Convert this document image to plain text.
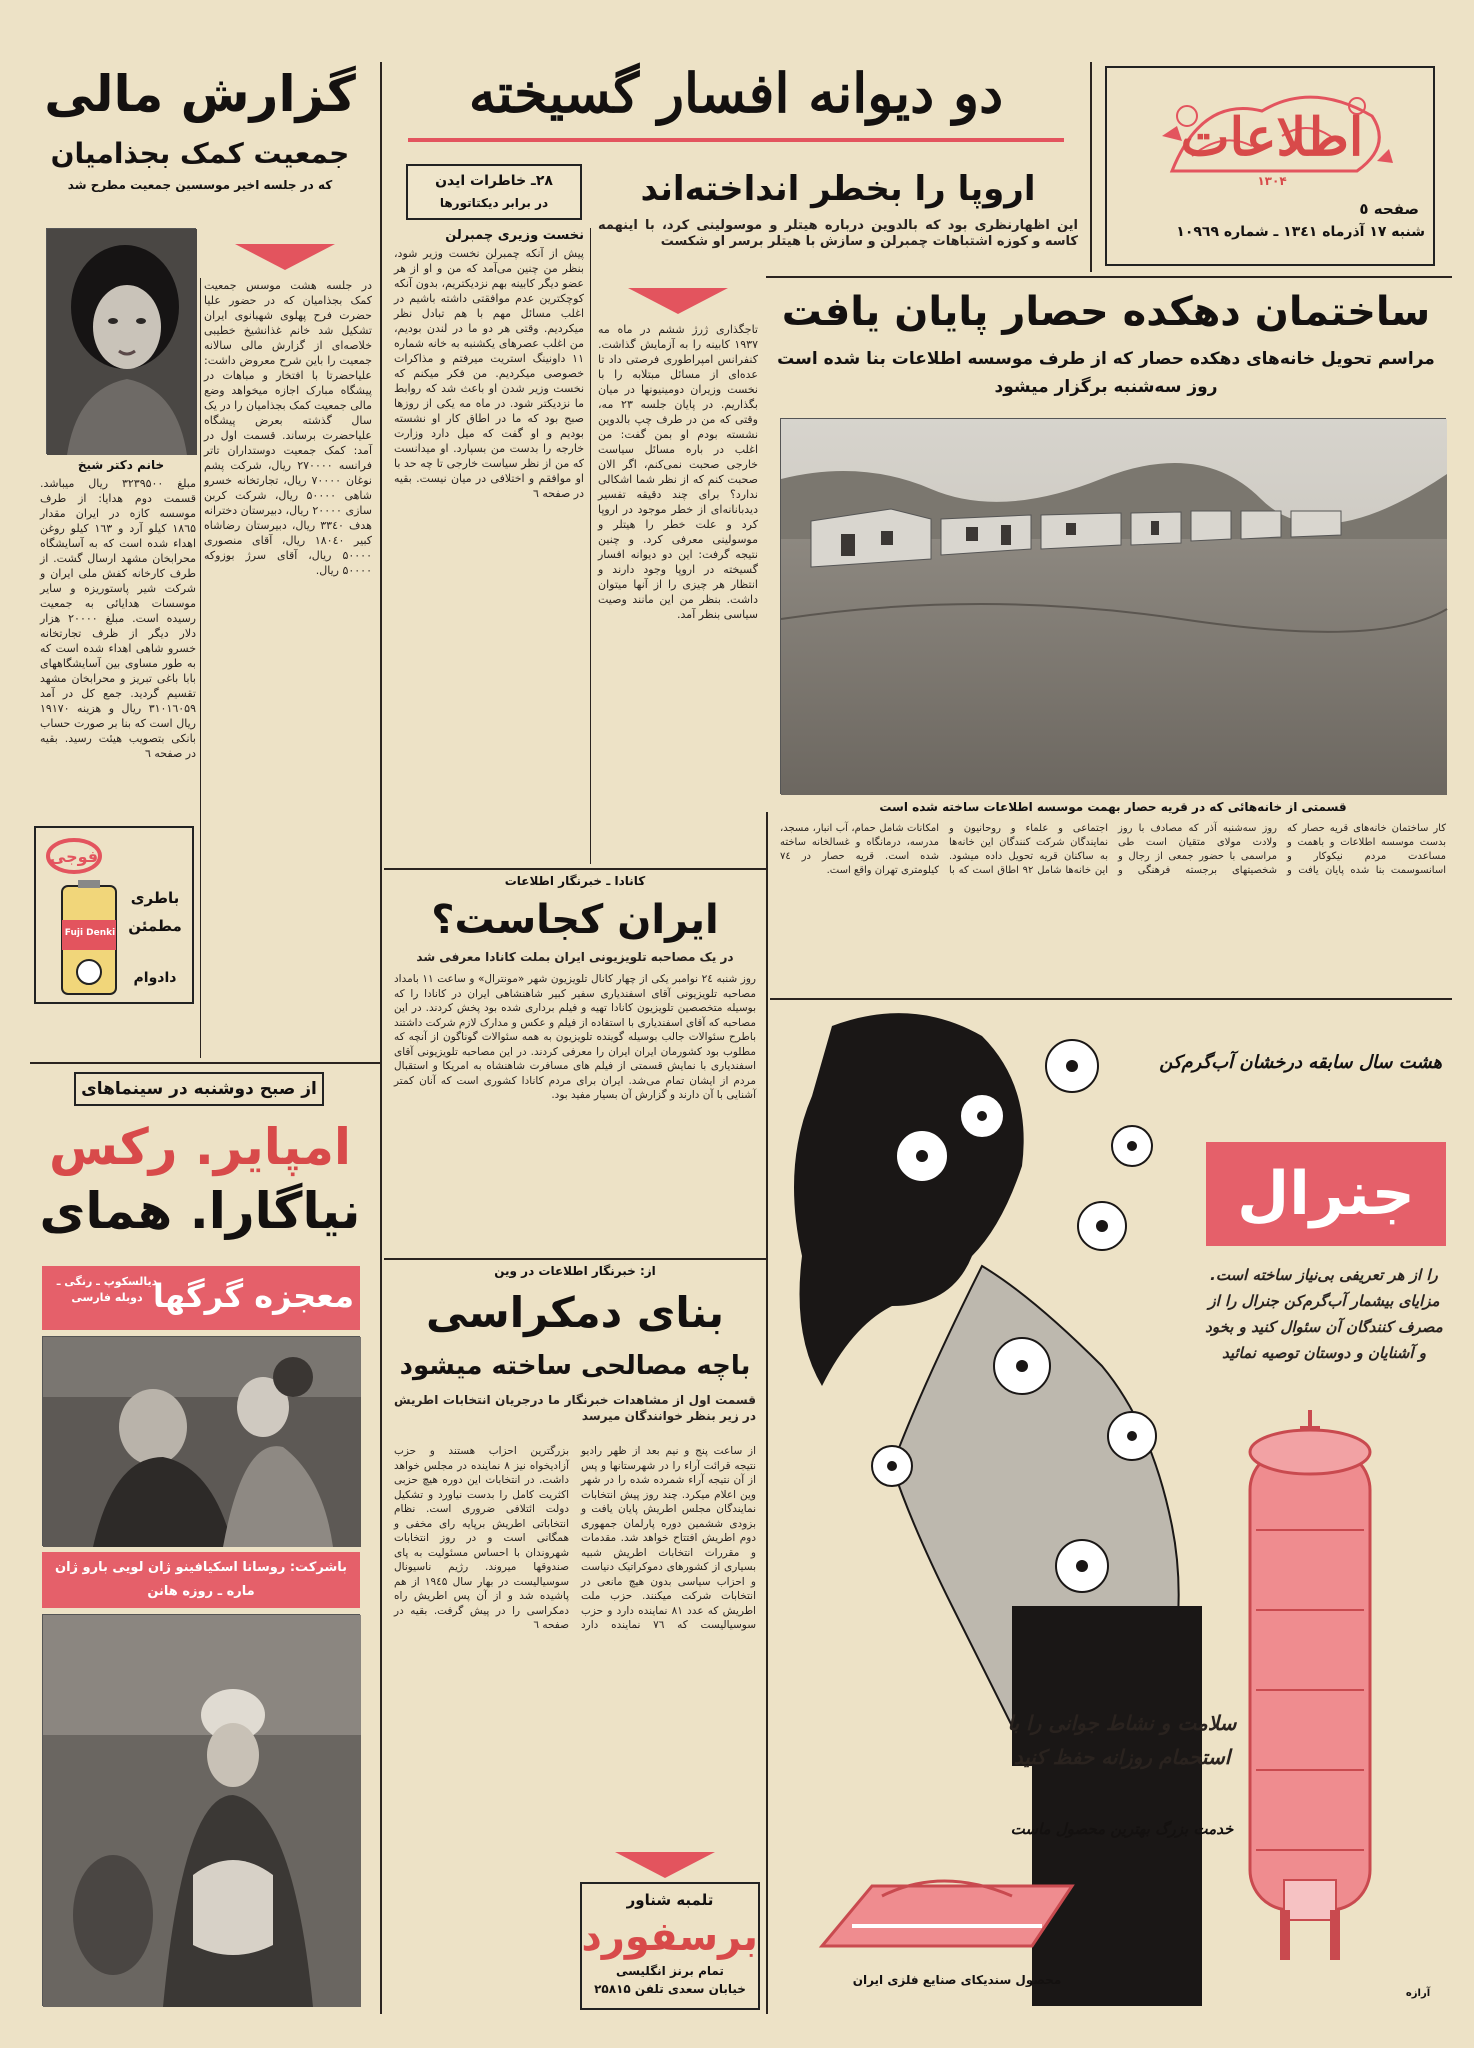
اطلاعات
۱۳۰۴
صفحه ٥
شنبه ۱۷ آذرماه ۱۳٤۱ ـ شماره ۱۰۹٦۹
دو دیوانه افسار گسیخته
۲۸ـ خاطرات ایدن
در برابر دیکتاتورها	اروپا را بخطر انداخته‌اند
این اظهارنظری بود که بالدوین درباره هیتلر و موسولینی کرد، با اینهمه کاسه و کوزه اشتباهات چمبرلن و سازش با هیتلر برسر او شکست
نخست وزیری چمبرلن
پیش از آنکه چمبرلن نخست وزیر شود، بنظر من چنین می‌آمد که من و او از هر عضو دیگر کابینه بهم نزدیکتریم، بدون آنکه کوچکترین عدم موافقتی داشته باشیم در اغلب مسائل مهم با هم تبادل نظر میکردیم. وقتی هر دو ما در لندن بودیم، من اغلب عصرهای یکشنبه به خانه شماره ۱۱ داونینگ استریت میرفتم و مذاکرات خصوصی میکردیم. من فکر میکنم که نخست وزیر شدن او باعث شد که روابط ما نزدیکتر شود. در ماه مه یکی از روزها صبح بود که ما در اطاق کار او نشسته بودیم و او گفت که میل دارد وزارت خارجه را بدست من بسپارد. او میدانست که من از نظر سیاست خارجی تا چه حد با او موافقم و اختلافی در میان نیست. بقیه در صفحه ٦
تاجگذاری ژرژ ششم در ماه مه ۱۹۳۷ کابینه را به آزمایش گذاشت. کنفرانس امپراطوری فرصتی داد تا عده‌ای از مسائل مبتلابه را با نخست وزیران دومینیونها در میان بگذاریم. در پایان جلسه ۲۳ مه، وقتی که من در طرف چپ بالدوین نشسته بودم او بمن گفت: من اغلب در باره مسائل سیاست خارجی صحبت نمی‌کنم، اگر الان صحبت کنم که از نظر شما اشکالی ندارد؟ برای چند دقیقه تفسیر دیدبانانه‌ای از خطر موجود در اروپا کرد و علت خطر را هیتلر و موسولینی معرفی کرد. و چنین نتیجه گرفت: این دو دیوانه افسار گسیخته در اروپا وجود دارند و انتظار هر چیزی را از آنها میتوان داشت. بنظر من این مانند وصیت سیاسی بنظر آمد.
ساختمان دهکده حصار پایان یافت
مراسم تحویل خانه‌های دهکده حصار که از طرف موسسه اطلاعات بنا شده است
روز سه‌شنبه برگزار میشود
قسمتی از خانه‌هائی که در قریه حصار بهمت موسسه اطلاعات ساخته شده است
کار ساختمان خانه‌های قریه حصار که بدست موسسه اطلاعات و باهمت و مساعدت مردم نیکوکار و اسانسوسمت بنا شده پایان یافت و روز سه‌شنبه آذر که مصادف با روز ولادت مولای متقیان است طی مراسمی با حضور جمعی از رجال و شخصیتهای برجسته فرهنگی و اجتماعی و علماء و روحانیون و نمایندگان شرکت کنندگان این خانه‌ها به ساکنان قریه تحویل داده میشود. این خانه‌ها شامل ۹۲ اطاق است که با امکانات شامل حمام، آب انبار، مسجد، مدرسه، درمانگاه و غسالخانه ساخته شده است. قریه حصار در ۷٤ کیلومتری تهران واقع است.
کانادا ـ خبرنگار اطلاعات
ایران کجاست؟
در یک مصاحبه تلویزیونی ایران بملت کانادا معرفی شد
روز شنبه ۲٤ نوامبر یکی از چهار کانال تلویزیون شهر «مونترال» و ساعت ۱۱ بامداد مصاحبه تلویزیونی آقای اسفندیاری سفیر کبیر شاهنشاهی ایران در کانادا را که بوسیله متخصصین تلویزیون کانادا تهیه و فیلم برداری شده بود پخش کردند. در این مصاحبه که آقای اسفندیاری با استفاده از فیلم و عکس و مدارک لازم شرکت داشتند باطرح سئوالات جالب بوسیله گوینده تلویزیون به همه سئوالات گوناگون از آنچه که مطلوب بود کشورمان ایران ایران را معرفی کردند. در این مصاحبه تلویزیونی آقای اسفندیاری با نمایش قسمتی از فیلم های مسافرت شاهنشاه به امریکا و استقبال مردم از ایشان تمام می‌شد. ایران برای مردم کانادا کشوری است که آنان کمتر آشنایی با آن دارند و گزارش آن بسیار مفید بود.
از: خبرنگار اطلاعات در وین
بنای دمکراسی
باچه مصالحی ساخته میشود
قسمت اول از مشاهدات خبرنگار ما درجریان انتخابات اطریش در زیر بنظر خوانندگان میرسد
از ساعت پنج و نیم بعد از ظهر رادیو نتیجه قرائت آراء را در شهرستانها و پس از آن نتیجه آراء شمرده شده را در شهر وین اعلام میکرد. چند روز پیش انتخابات نمایندگان مجلس اطریش پایان یافت و بزودی ششمین دوره پارلمان جمهوری دوم اطریش افتتاح خواهد شد. مقدمات و مقررات انتخابات اطریش شبیه بسیاری از کشورهای دموکراتیک دنیاست و احزاب سیاسی بدون هیچ مانعی در انتخابات شرکت میکنند. حزب ملت اطریش که عدد ۸۱ نماینده دارد و حزب سوسیالیست که ۷٦ نماینده دارد بزرگترین احزاب هستند و حزب آزادیخواه نیز ۸ نماینده در مجلس خواهد داشت. در انتخابات این دوره هیچ حزبی اکثریت کامل را بدست نیاورد و تشکیل دولت ائتلافی ضروری است. نظام انتخاباتی اطریش برپایه رای مخفی و همگانی است و در روز انتخابات شهروندان با احساس مسئولیت به پای صندوقها میروند. رژیم ناسیونال سوسیالیست در بهار سال ۱۹٤۵ از هم پاشیده شد و از آن پس اطریش راه دمکراسی را در پیش گرفت. بقیه در صفحه ٦
تلمبه شناور
برسفورد
تمام برنز انگلیسی
خیابان سعدی تلفن ۲۵۸۱۵
گزارش مالی
جمعیت کمک بجذامیان
که در جلسه اخیر موسسین جمعیت مطرح شد
خانم دکتر شیخ
در جلسه هشت موسس جمعیت کمک بجذامیان که در حضور علیا حضرت فرح پهلوی شهبانوی ایران تشکیل شد خانم غذانشیخ خطیبی خلاصه‌ای از گزارش مالی سالانه جمعیت را باین شرح معروض داشت: علیاحضرتا با افتخار و مباهات در پیشگاه مبارک اجازه میخواهد وضع مالی جمعیت کمک بجذامیان را در یک سال گذشته بعرض پیشگاه علیاحضرت برساند. قسمت اول در آمد: کمک جمعیت دوستداران تاتر فرانسه ۲۷۰۰۰۰ ریال، شرکت پشم نوغان ۷۰۰۰۰ ریال، تجارتخانه خسرو شاهی ۵۰۰۰۰ ریال، شرکت کربن سازی ۲۰۰۰۰ ریال، دبیرستان دخترانه هدف ۳۳٤۰ ریال، دبیرستان رضاشاه کبیر ۱۸۰٤۰ ریال، آقای منصوری ۵۰۰۰۰ ریال، آقای سرژ بوزوکه ۵۰۰۰۰ ریال.
مبلغ ۳۲۳۹۵۰۰ ریال میباشد. قسمت دوم هدایا: از طرف موسسه کازه در ایران مقدار ۱۸٦۵ کیلو آرد و ۱٦۳ کیلو روغن اهداء شده است که به آسایشگاه محرابخان مشهد ارسال گشت. از طرف کارخانه کفش ملی ایران و شرکت شیر پاستوریزه و سایر موسسات هدایائی به جمعیت رسیده است. مبلغ ۲۰۰۰۰ هزار دلار دیگر از ظرف تجارتخانه خسرو شاهی اهداء شده است که به طور مساوی بین آسایشگاههای بابا باغی تبریز و محرابخان مشهد تقسیم گردید. جمع کل در آمد ۳۱۰۱٦۰۵۹ ریال و هزینه ۱۹۱۷۰ ریال است که بنا بر صورت حساب بانکی بتصویب هیئت رسید. بقیه در صفحه ٦
فوجی
Fuji Denki
باطری
مطمئن
دادوام
از صبح دوشنبه در سینماهای
امپایر. رکس
نیاگارا. همای
معجزه گرگها
دیالسکوپ ـ رنگی ـ دوبله فارسی
باشرکت: روسانا اسکیافینو ژان لویی بارو ژان ماره ـ روزه هانن
هشت سال سابقه درخشان آب‌گرم‌کن
جنرال
را از هر تعریفی بی‌نیاز ساخته است. مزایای بیشمار آب‌گرم‌کن جنرال را از مصرف کنندگان آن سئوال کنید و بخود و آشنایان و دوستان توصیه نمائید
سلامت و نشاط جوانی را با استحمام روزانه حفظ کنید
خدمت بزرگ بهترین محصول ماست
محصول سندیکای صنایع فلزی ایران
آرازه
